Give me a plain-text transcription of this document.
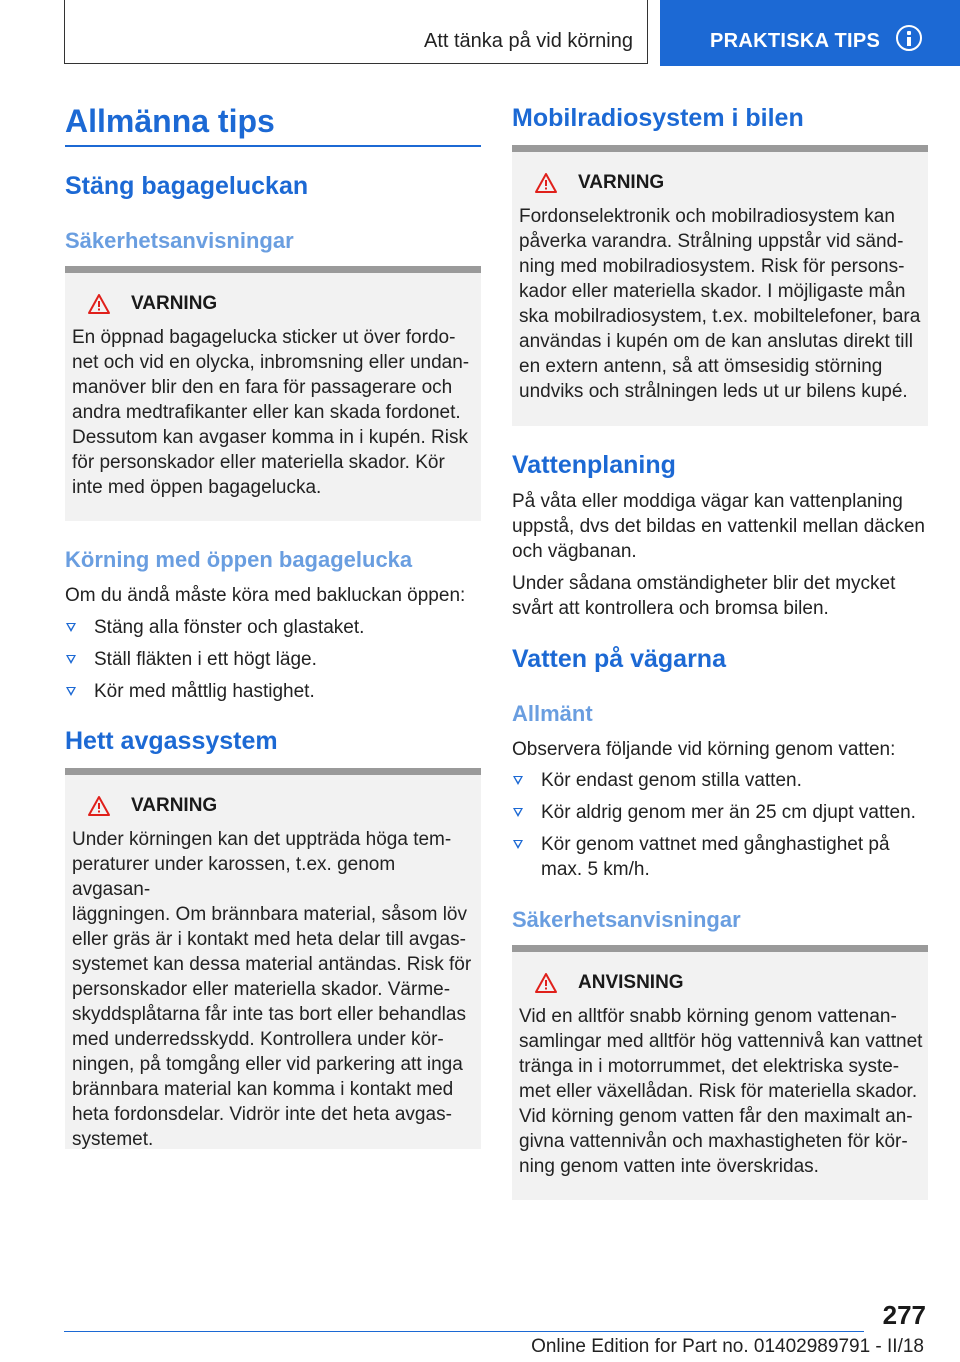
Att tänka på vid körning	PRAKTISKA TIPS
Allmänna tips
Stäng bagageluckan
Säkerhetsanvisningar
VARNING
En öppnad bagagelucka sticker ut över fordo-
net och vid en olycka, inbromsning eller undan-
manöver blir den en fara för passagerare och
andra medtrafikanter eller kan skada fordonet.
Dessutom kan avgaser komma in i kupén. Risk
för personskador eller materiella skador. Kör
inte med öppen bagagelucka.
Körning med öppen bagagelucka
Om du ändå måste köra med bakluckan öppen:
Stäng alla fönster och glastaket.
Ställ fläkten i ett högt läge.
Kör med måttlig hastighet.
Hett avgassystem
VARNING
Under körningen kan det uppträda höga tem-
peraturer under karossen, t.ex. genom avgasan-
läggningen. Om brännbara material, såsom löv
eller gräs är i kontakt med heta delar till avgas-
systemet kan dessa material antändas. Risk för
personskador eller materiella skador. Värme-
skyddsplåtarna får inte tas bort eller behandlas
med underredsskydd. Kontrollera under kör-
ningen, på tomgång eller vid parkering att inga
brännbara material kan komma i kontakt med
heta fordonsdelar. Vidrör inte det heta avgas-
systemet.
Mobilradiosystem i bilen
VARNING
Fordonselektronik och mobilradiosystem kan
påverka varandra. Strålning uppstår vid sänd-
ning med mobilradiosystem. Risk för persons-
kador eller materiella skador. I möjligaste mån
ska mobilradiosystem, t.ex. mobiltelefoner, bara
användas i kupén om de kan anslutas direkt till
en extern antenn, så att ömsesidig störning
undviks och strålningen leds ut ur bilens kupé.
Vattenplaning
På våta eller moddiga vägar kan vattenplaning
uppstå, dvs det bildas en vattenkil mellan däcken
och vägbanan.
Under sådana omständigheter blir det mycket
svårt att kontrollera och bromsa bilen.
Vatten på vägarna
Allmänt
Observera följande vid körning genom vatten:
Kör endast genom stilla vatten.
Kör aldrig genom mer än 25 cm djupt vatten.
Kör genom vattnet med gånghastighet på
max. 5 km/h.
Säkerhetsanvisningar
ANVISNING
Vid en alltför snabb körning genom vattenan-
samlingar med alltför hög vattennivå kan vattnet
tränga in i motorrummet, det elektriska syste-
met eller växellådan. Risk för materiella skador.
Vid körning genom vatten får den maximalt an-
givna vattennivån och maxhastigheten för kör-
ning genom vatten inte överskridas.
277
Online Edition for Part no. 01402989791 - II/18
